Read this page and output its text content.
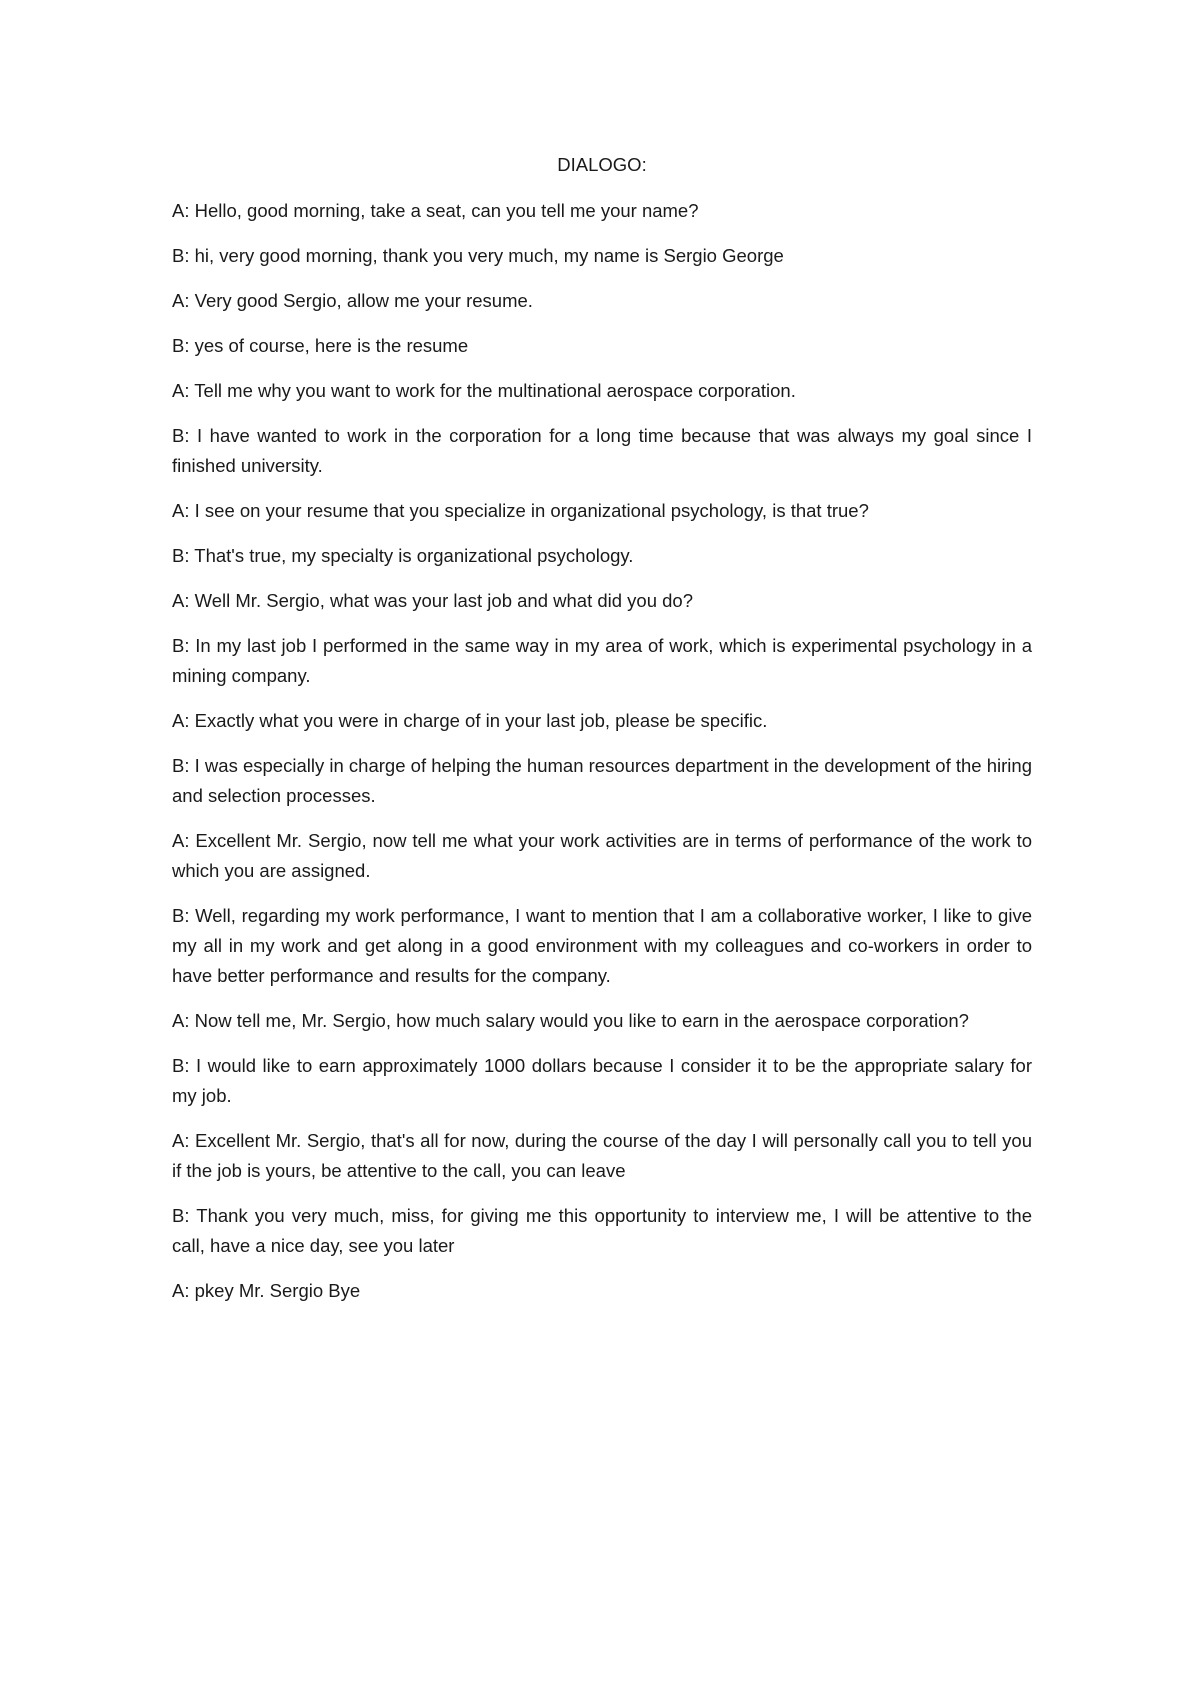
DIALOGO:

A: Hello, good morning, take a seat, can you tell me your name?

B: hi, very good morning, thank you very much, my name is Sergio George

A: Very good Sergio, allow me your resume.

B: yes of course, here is the resume

A: Tell me why you want to work for the multinational aerospace corporation.

B: I have wanted to work in the corporation for a long time because that was always my goal since I finished university.

A: I see on your resume that you specialize in organizational psychology, is that true?

B: That's true, my specialty is organizational psychology.

A: Well Mr. Sergio, what was your last job and what did you do?

B: In my last job I performed in the same way in my area of work, which is experimental psychology in a mining company.

A: Exactly what you were in charge of in your last job, please be specific.

B: I was especially in charge of helping the human resources department in the development of the hiring and selection processes.

A: Excellent Mr. Sergio, now tell me what your work activities are in terms of performance of the work to which you are assigned.

B: Well, regarding my work performance, I want to mention that I am a collaborative worker, I like to give my all in my work and get along in a good environment with my colleagues and co-workers in order to have better performance and results for the company.

A: Now tell me, Mr. Sergio, how much salary would you like to earn in the aerospace corporation?

B: I would like to earn approximately 1000 dollars because I consider it to be the appropriate salary for my job.

A: Excellent Mr. Sergio, that's all for now, during the course of the day I will personally call you to tell you if the job is yours, be attentive to the call, you can leave

B: Thank you very much, miss, for giving me this opportunity to interview me, I will be attentive to the call, have a nice day, see you later

A: pkey Mr. Sergio Bye
